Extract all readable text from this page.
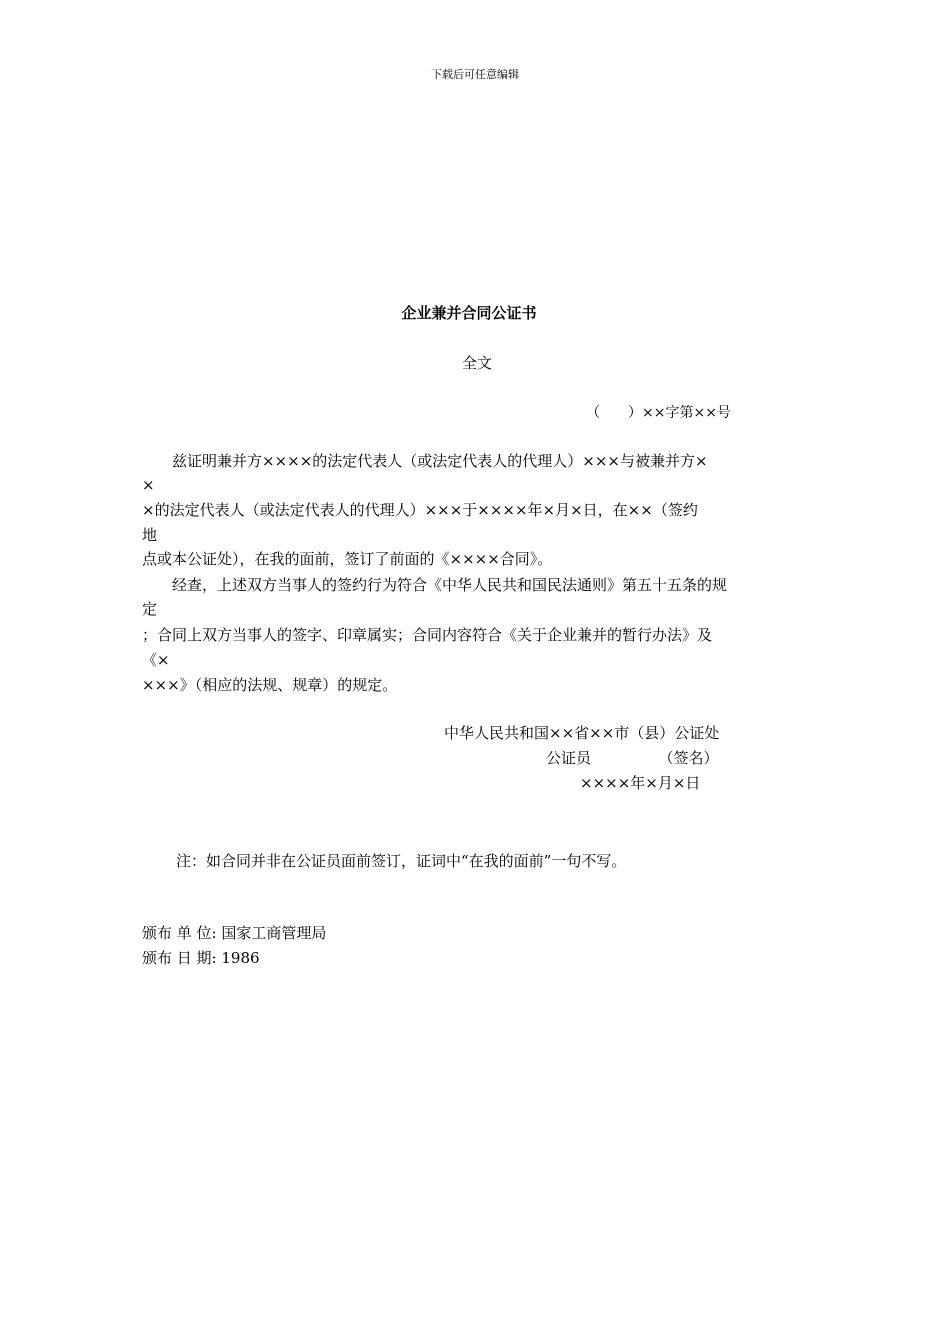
下载后可任意编辑
企业兼并合同公证书
全文
（　　）××字第××号
　　兹证明兼并方××××的法定代表人（或法定代表人的代理人）×××与被兼并方×
×
×的法定代表人（或法定代表人的代理人）×××于××××年×月×日，在××（签约
地
点或本公证处），在我的面前，签订了前面的《××××合同》。
　　经查，上述双方当事人的签约行为符合《中华人民共和国民法通则》第五十五条的规
定
；合同上双方当事人的签字、印章属实；合同内容符合《关于企业兼并的暂行办法》及
《×
×××》（相应的法规、规章）的规定。
中华人民共和国××省××市（县）公证处
公证员　　　　　（签名）
××××年×月×日
注：如合同并非在公证员面前签订，证词中“在我的面前”一句不写。
颁布 单 位: 国家工商管理局
颁布 日 期: 1986
